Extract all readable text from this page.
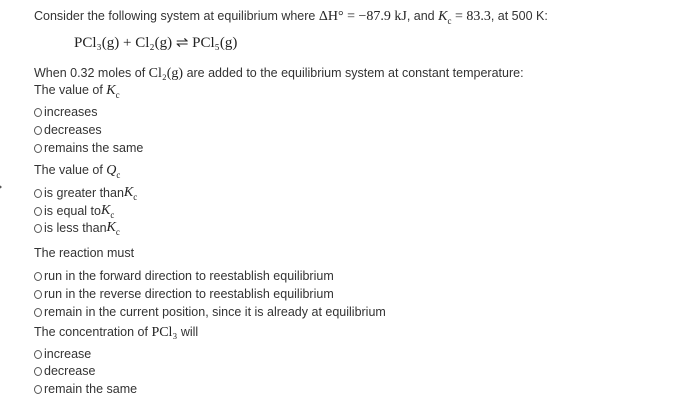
Consider the following system at equilibrium where ΔH° = −87.9 kJ, and $K_c = 83.3$, at 500 K:
PCl₃(g) + Cl₂(g) ⇌ PCl₅(g)
When 0.32 moles of Cl₂(g) are added to the equilibrium system at constant temperature:
The value of $K_c$
increases
decreases
remains the same
The value of $Q_c$
is greater than $K_c$
is equal to $K_c$
is less than $K_c$
The reaction must
run in the forward direction to reestablish equilibrium
run in the reverse direction to reestablish equilibrium
remain in the current position, since it is already at equilibrium
The concentration of PCl₃ will
increase
decrease
remain the same
